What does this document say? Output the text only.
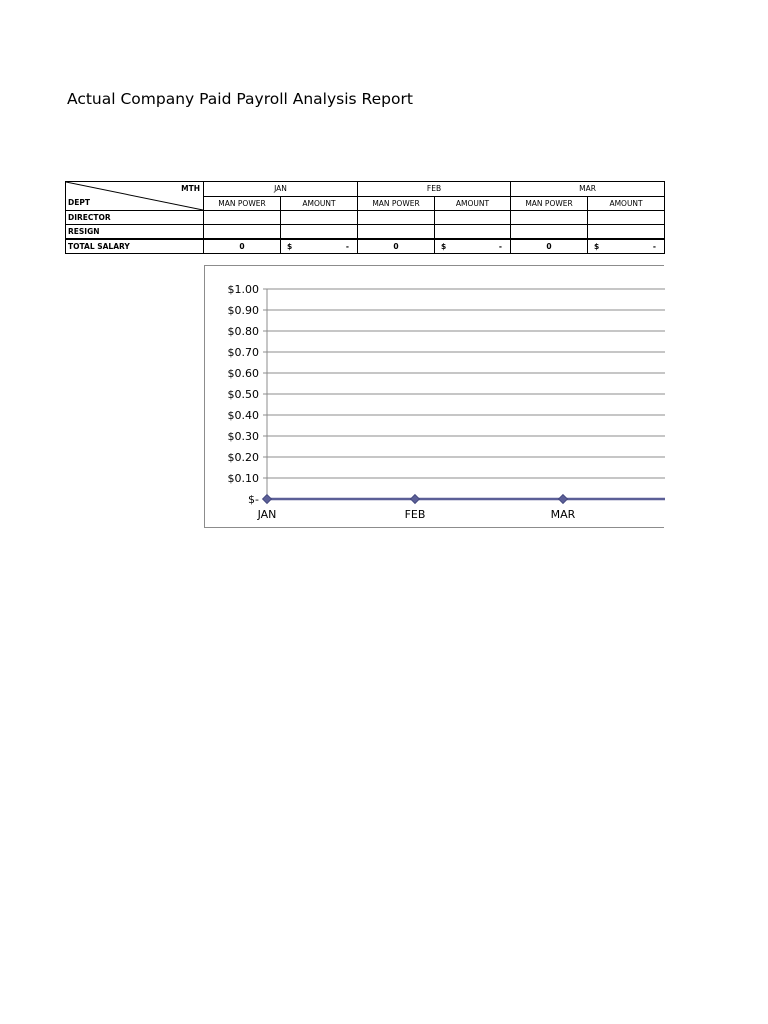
Actual Company Paid Payroll Analysis Report
MTH
DEPT	JAN		FEB		MAR	
	MAN POWER	AMOUNT	MAN POWER	AMOUNT	MAN POWER	AMOUNT
DIRECTOR						
RESIGN						
TOTAL SALARY	0	$ -	0	$ -	0	$ -
$-
$0.10
$0.20
$0.30
$0.40
$0.50
$0.60
$0.70
$0.80
$0.90
$1.00
JAN	FEB	MAR
